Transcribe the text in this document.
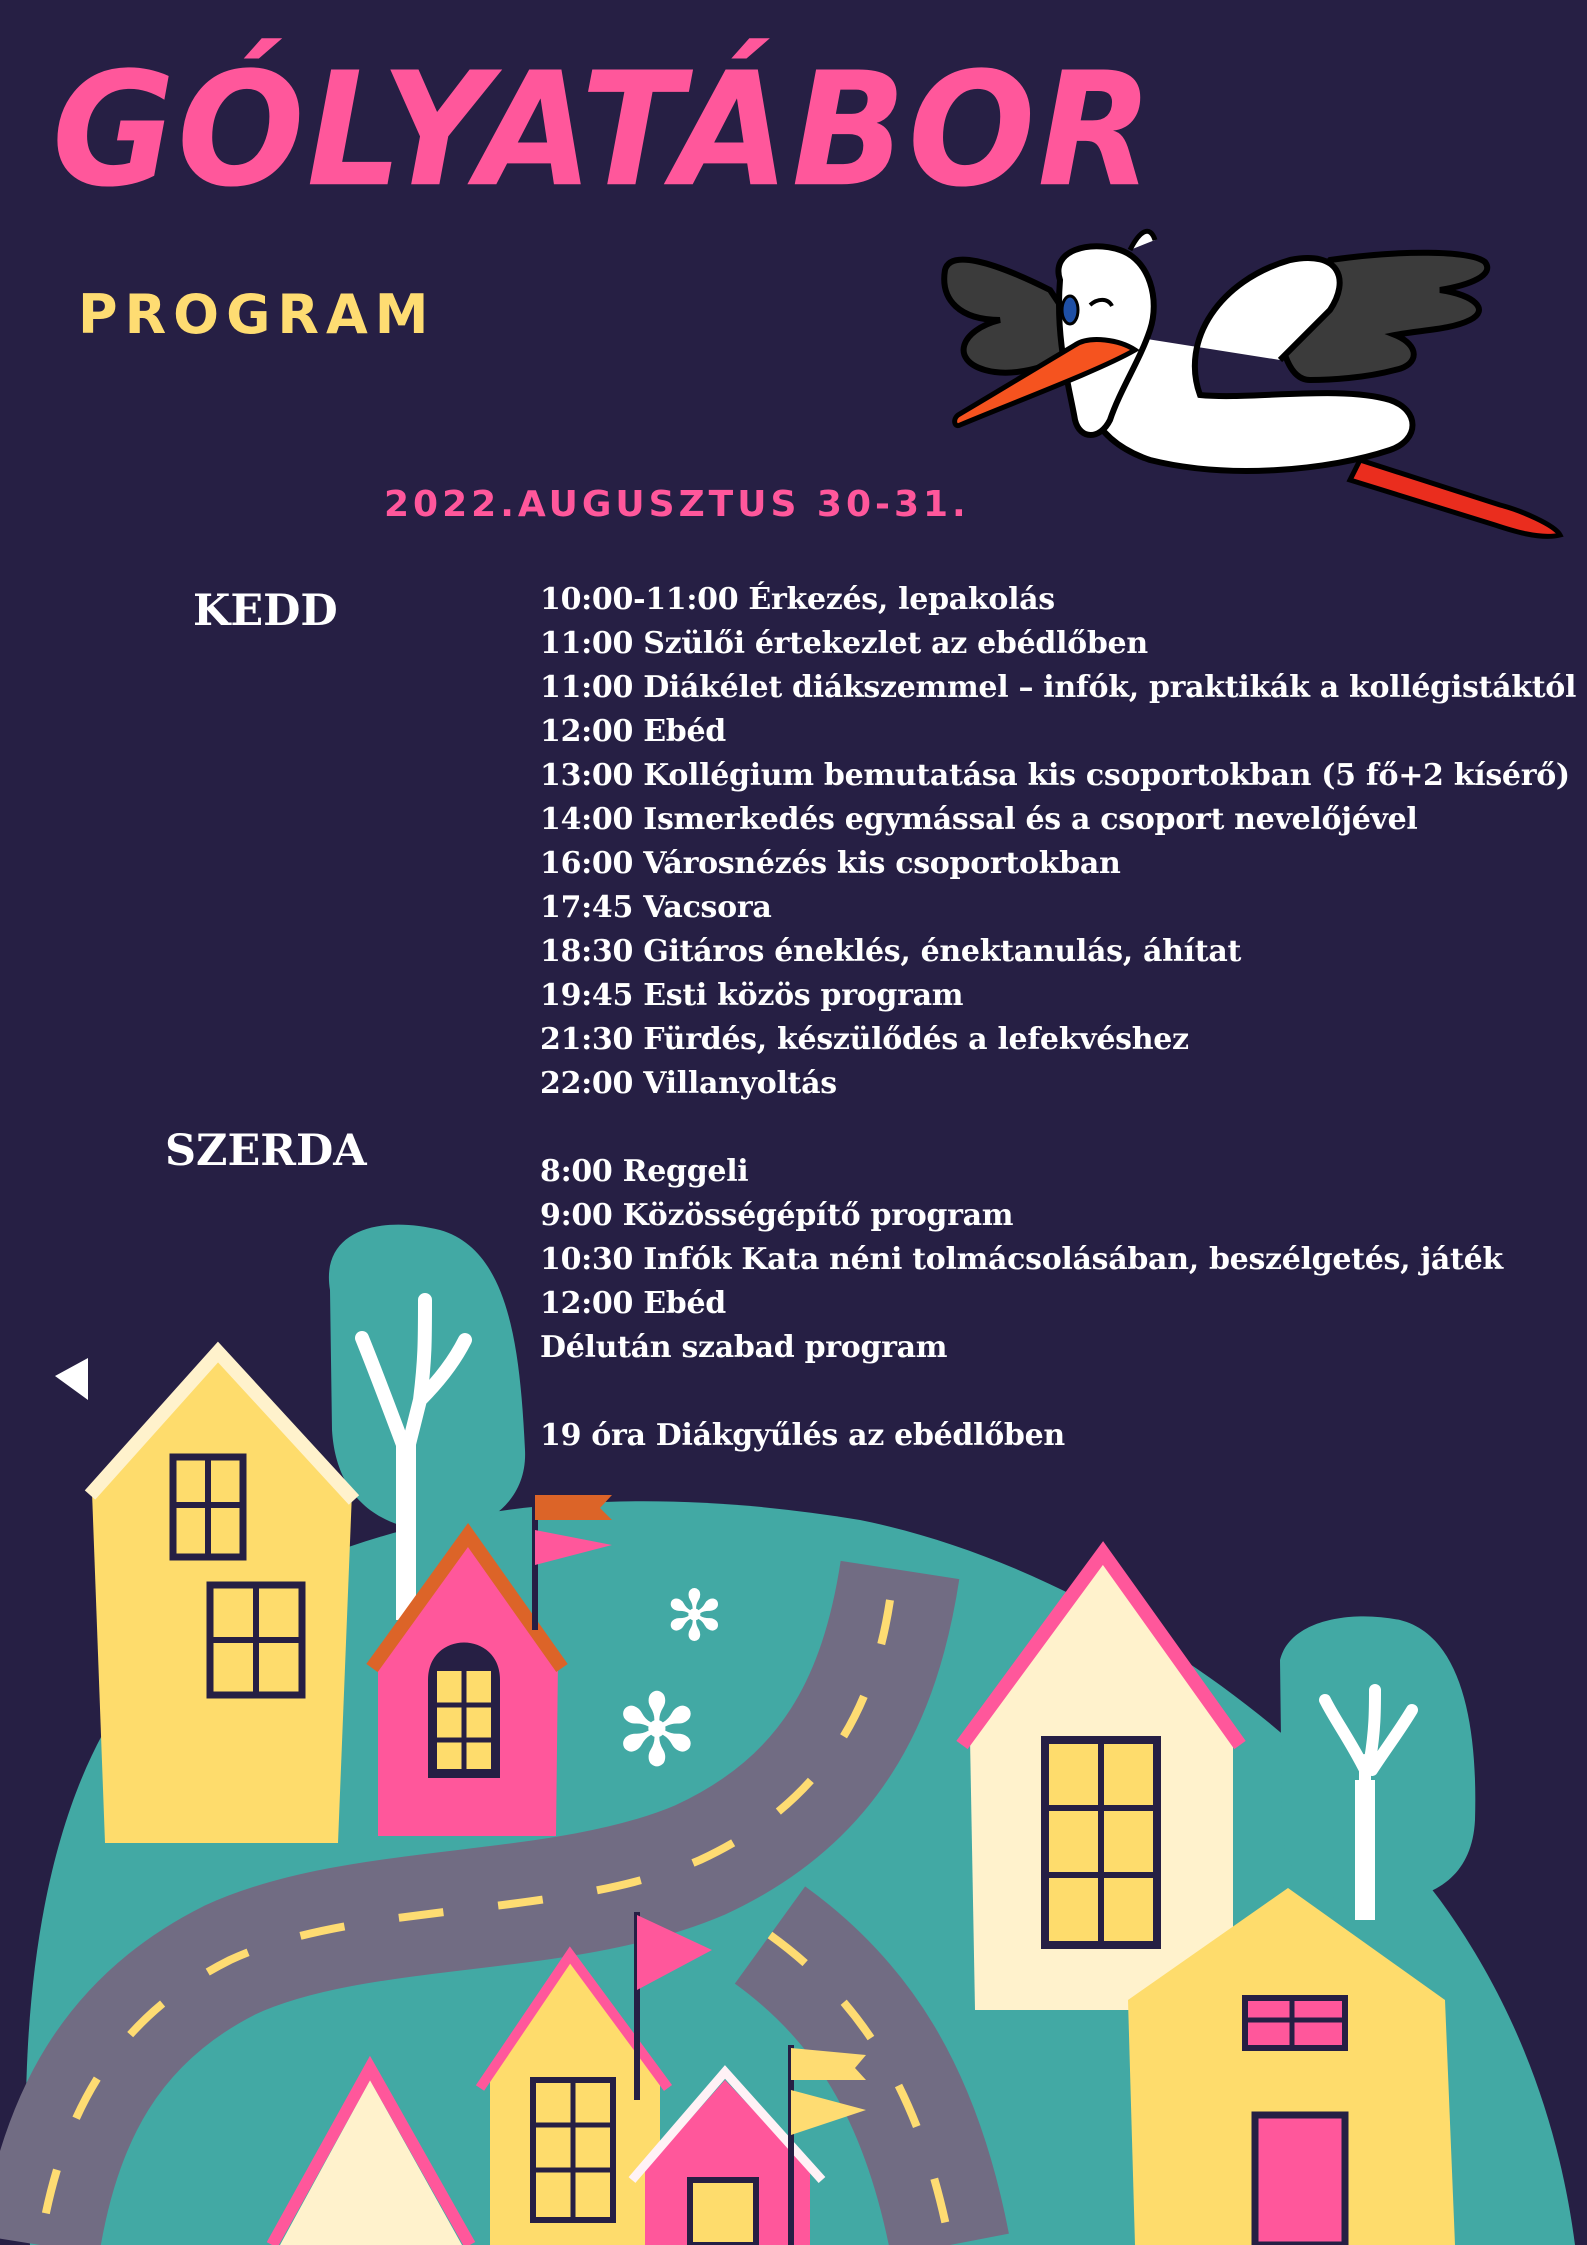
✻
✻
GÓLYATÁBOR
PROGRAM
2022.AUGUSZTUS 30-31.
KEDD	10:00-11:00 Érkezés, lepakolás
11:00 Szülői értekezlet az ebédlőben
11:00 Diákélet diákszemmel – infók, praktikák a kollégistáktól
12:00 Ebéd
13:00 Kollégium bemutatása kis csoportokban (5 fő+2 kísérő)
14:00 Ismerkedés egymással és a csoport nevelőjével
16:00 Városnézés kis csoportokban
17:45 Vacsora
18:30 Gitáros éneklés, énektanulás, áhítat
19:45 Esti közös program
21:30 Fürdés, készülődés a lefekvéshez
22:00 Villanyoltás
SZERDA	8:00 Reggeli
9:00 Közösségépítő program
10:30 Infók Kata néni tolmácsolásában, beszélgetés, játék
12:00 Ebéd
Délután szabad program
19 óra Diákgyűlés az ebédlőben
